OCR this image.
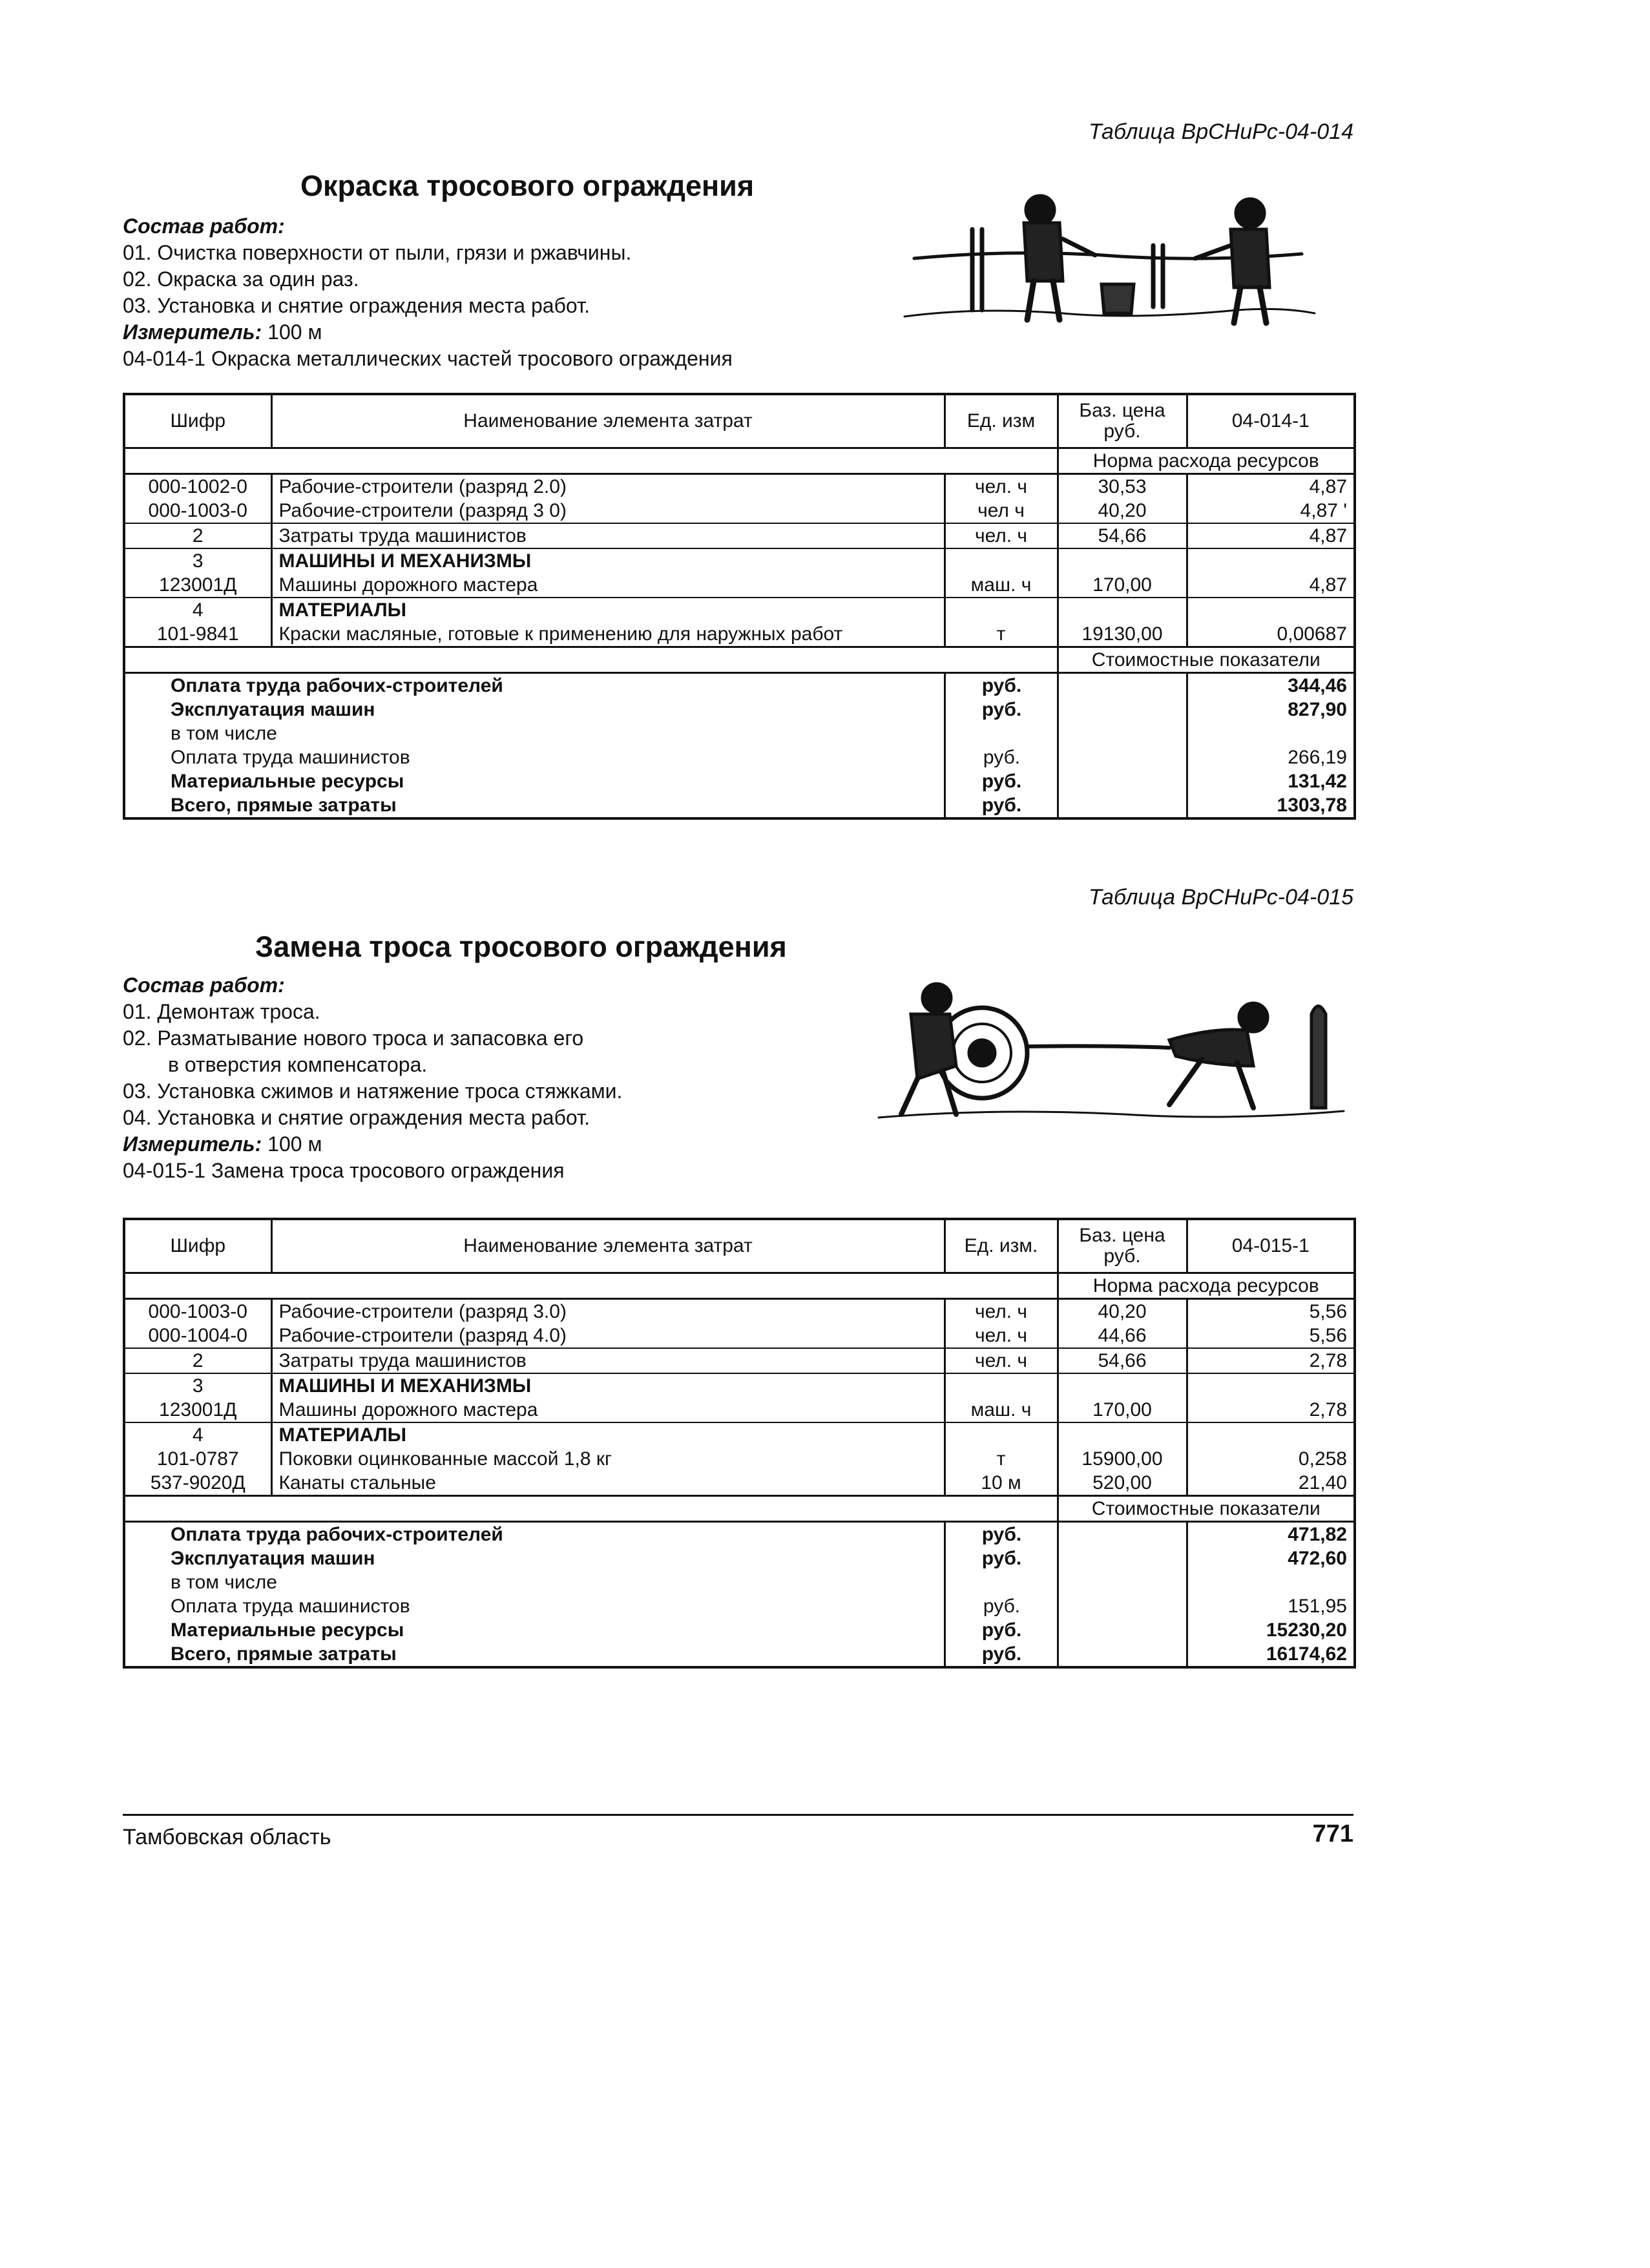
Таблица ВрСНиРс-04-014
Окраска тросового ограждения
Состав работ:
01. Очистка поверхности от пыли, грязи и ржавчины.
02. Окраска за один раз.
03. Установка и снятие ограждения места работ.
Измеритель: 100 м
04-014-1 Окраска металлических частей тросового ограждения
Шифр	Наименование элемента затрат	Ед. изм	Баз. цена руб.	04-014-1
			Норма расхода ресурсов	
000-1002-0	Рабочие-строители (разряд 2.0)	чел. ч	30,53	4,87
000-1003-0	Рабочие-строители (разряд 3 0)	чел ч	40,20	4,87 '
2	Затраты труда машинистов	чел. ч	54,66	4,87
3	МАШИНЫ И МЕХАНИЗМЫ			
123001Д	Машины дорожного мастера	маш. ч	170,00	4,87
4	МАТЕРИАЛЫ			
101-9841	Краски масляные, готовые к применению для наружных работ	т	19130,00	0,00687
			Стоимостные показатели	
Оплата труда рабочих-строителей		руб.		344,46
Эксплуатация машин		руб.		827,90
в том числе				
Оплата труда машинистов		руб.		266,19
Материальные ресурсы		руб.		131,42
Всего, прямые затраты		руб.		1303,78
Таблица ВрСНиРс-04-015
Замена троса тросового ограждения
Состав работ:
01. Демонтаж троса.
02. Разматывание нового троса и запасовка его
в отверстия компенсатора.
03. Установка сжимов и натяжение троса стяжками.
04. Установка и снятие ограждения места работ.
Измеритель: 100 м
04-015-1 Замена троса тросового ограждения
Шифр	Наименование элемента затрат	Ед. изм.	Баз. цена руб.	04-015-1
			Норма расхода ресурсов	
000-1003-0	Рабочие-строители (разряд 3.0)	чел. ч	40,20	5,56
000-1004-0	Рабочие-строители (разряд 4.0)	чел. ч	44,66	5,56
2	Затраты труда машинистов	чел. ч	54,66	2,78
3	МАШИНЫ И МЕХАНИЗМЫ			
123001Д	Машины дорожного мастера	маш. ч	170,00	2,78
4	МАТЕРИАЛЫ			
101-0787	Поковки оцинкованные массой 1,8 кг	т	15900,00	0,258
537-9020Д	Канаты стальные	10 м	520,00	21,40
			Стоимостные показатели	
Оплата труда рабочих-строителей		руб.		471,82
Эксплуатация машин		руб.		472,60
в том числе				
Оплата труда машинистов		руб.		151,95
Материальные ресурсы		руб.		15230,20
Всего, прямые затраты		руб.		16174,62
Тамбовская область	771
